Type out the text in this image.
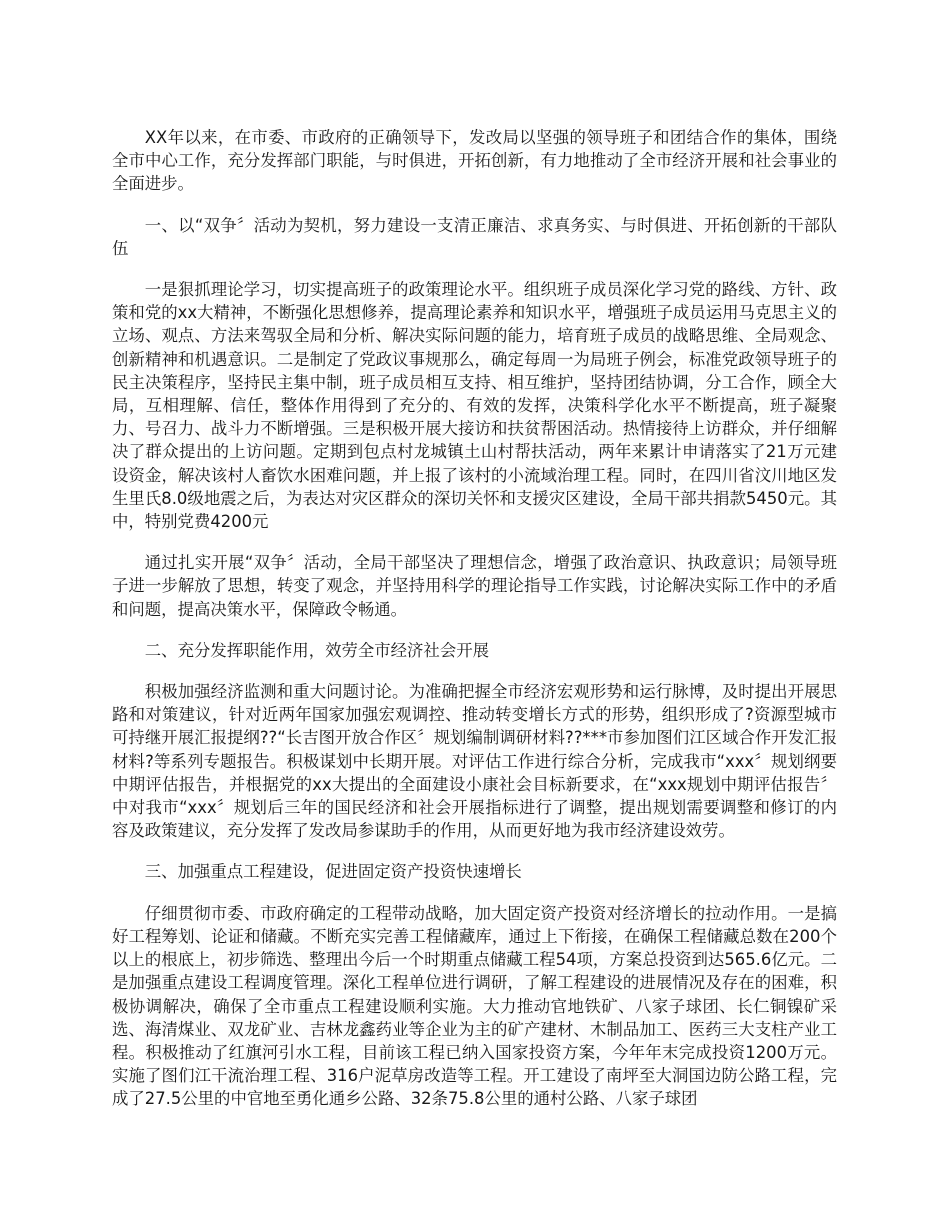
XX年以来，在市委、市政府的正确领导下，发改局以坚强的领导班子和团结合作的集体，围绕全市中心工作，充分发挥部门职能，与时俱进，开拓创新，有力地推动了全市经济开展和社会事业的全面进步。

一、以“双争〞活动为契机，努力建设一支清正廉洁、求真务实、与时俱进、开拓创新的干部队伍

一是狠抓理论学习，切实提高班子的政策理论水平。组织班子成员深化学习党的路线、方针、政策和党的xx大精神，不断强化思想修养，提高理论素养和知识水平，增强班子成员运用马克思主义的立场、观点、方法来驾驭全局和分析、解决实际问题的能力，培育班子成员的战略思维、全局观念、创新精神和机遇意识。二是制定了党政议事规那么，确定每周一为局班子例会，标准党政领导班子的民主决策程序，坚持民主集中制，班子成员相互支持、相互维护，坚持团结协调，分工合作，顾全大局，互相理解、信任，整体作用得到了充分的、有效的发挥，决策科学化水平不断提高，班子凝聚力、号召力、战斗力不断增强。三是积极开展大接访和扶贫帮困活动。热情接待上访群众，并仔细解决了群众提出的上访问题。定期到包点村龙城镇土山村帮扶活动，两年来累计申请落实了21万元建设资金，解决该村人畜饮水困难问题，并上报了该村的小流域治理工程。同时，在四川省汶川地区发生里氏8.0级地震之后，为表达对灾区群众的深切关怀和支援灾区建设，全局干部共捐款5450元。其中，特别党费4200元

通过扎实开展“双争〞活动，全局干部坚决了理想信念，增强了政治意识、执政意识；局领导班子进一步解放了思想，转变了观念，并坚持用科学的理论指导工作实践，讨论解决实际工作中的矛盾和问题，提高决策水平，保障政令畅通。

二、充分发挥职能作用，效劳全市经济社会开展

积极加强经济监测和重大问题讨论。为准确把握全市经济宏观形势和运行脉博，及时提出开展思路和对策建议，针对近两年国家加强宏观调控、推动转变增长方式的形势，组织形成了?资源型城市可持继开展汇报提纲??“长吉图开放合作区〞规划编制调研材料??***市参加图们江区域合作开发汇报材料?等系列专题报告。积极谋划中长期开展。对评估工作进行综合分析，完成我市“xxx〞规划纲要中期评估报告，并根据党的xx大提出的全面建设小康社会目标新要求，在“xxx规划中期评估报告〞中对我市“xxx〞规划后三年的国民经济和社会开展指标进行了调整，提出规划需要调整和修订的内容及政策建议，充分发挥了发改局参谋助手的作用，从而更好地为我市经济建设效劳。

三、加强重点工程建设，促进固定资产投资快速增长

仔细贯彻市委、市政府确定的工程带动战略，加大固定资产投资对经济增长的拉动作用。一是搞好工程筹划、论证和储藏。不断充实完善工程储藏库，通过上下衔接，在确保工程储藏总数在200个以上的根底上，初步筛选、整理出今后一个时期重点储藏工程54项，方案总投资到达565.6亿元。二是加强重点建设工程调度管理。深化工程单位进行调研，了解工程建设的进展情况及存在的困难，积极协调解决，确保了全市重点工程建设顺利实施。大力推动官地铁矿、八家子球团、长仁铜镍矿采选、海清煤业、双龙矿业、吉林龙鑫药业等企业为主的矿产建材、木制品加工、医药三大支柱产业工程。积极推动了红旗河引水工程，目前该工程已纳入国家投资方案，今年年末完成投资1200万元。实施了图们江干流治理工程、316户泥草房改造等工程。开工建设了南坪至大洞国边防公路工程，完成了27.5公里的中官地至勇化通乡公路、32条75.8公里的通村公路、八家子球团
